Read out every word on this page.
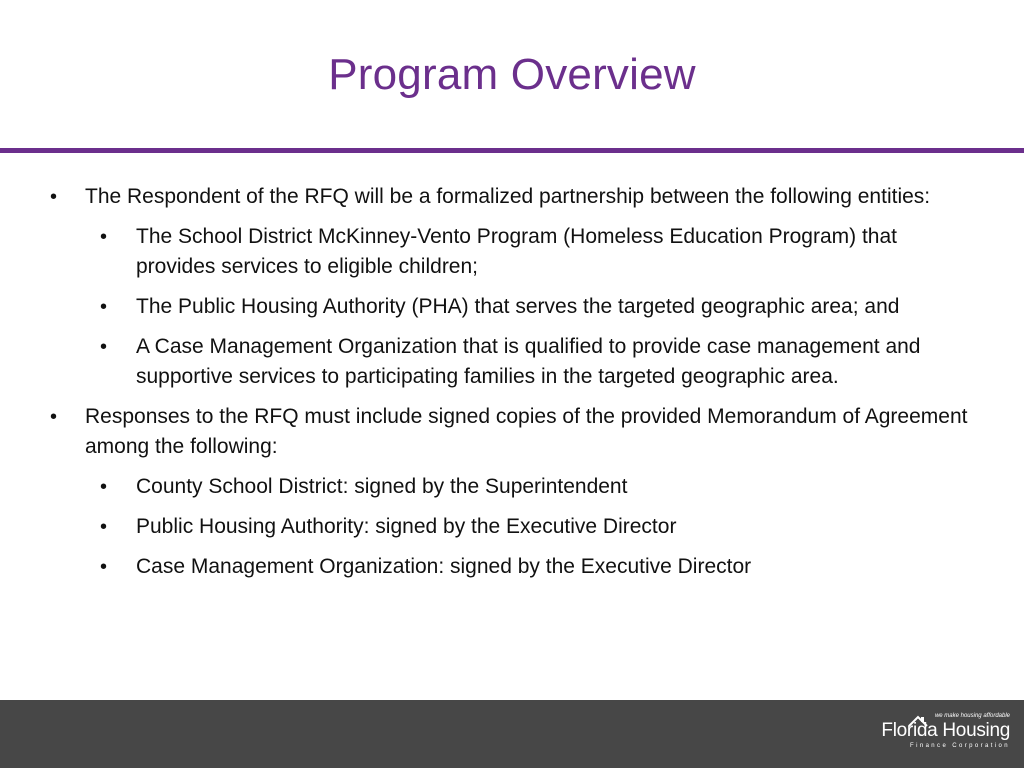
Program Overview
• The Respondent of the RFQ will be a formalized partnership between the following entities:
• The School District McKinney-Vento Program (Homeless Education Program) that provides services to eligible children;
• The Public Housing Authority (PHA) that serves the targeted geographic area; and
• A Case Management Organization that is qualified to provide case management and supportive services to participating families in the targeted geographic area.
• Responses to the RFQ must include signed copies of the provided Memorandum of Agreement among the following:
• County School District: signed by the Superintendent
• Public Housing Authority: signed by the Executive Director
• Case Management Organization: signed by the Executive Director
we make housing affordable
Florida Housing
Finance Corporation
